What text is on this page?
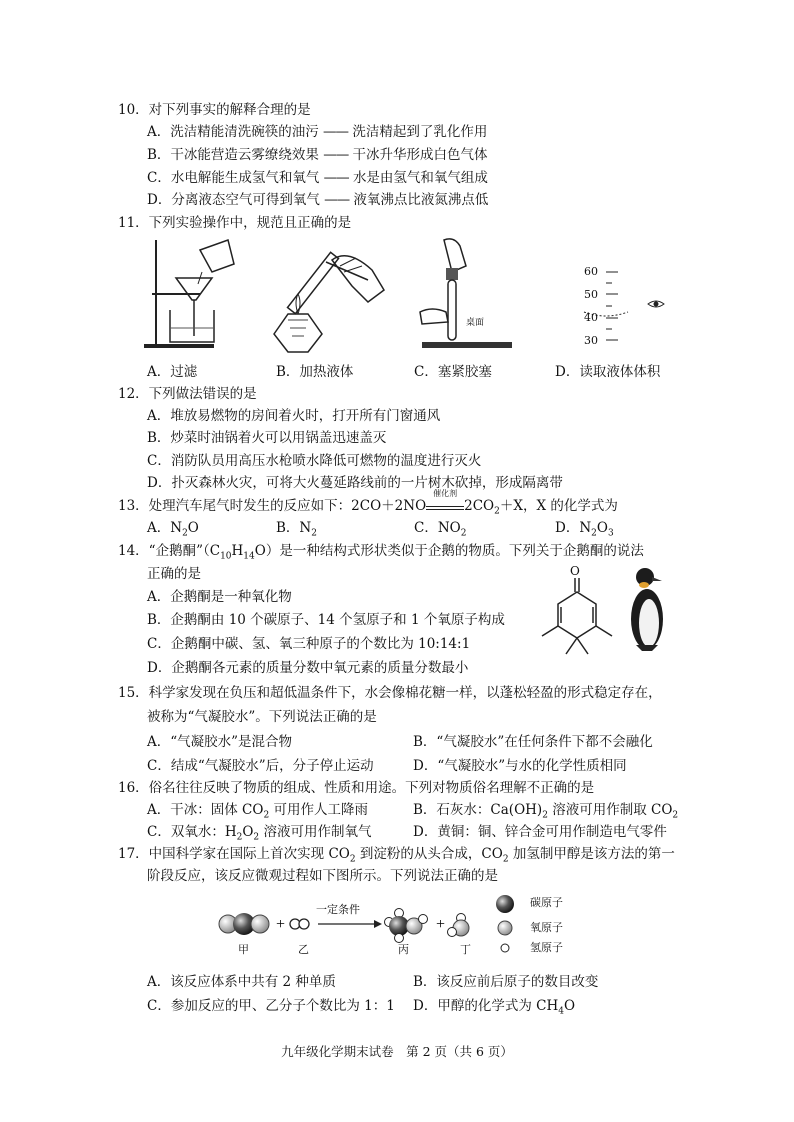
10．对下列事实的解释合理的是
A．洗洁精能清洗碗筷的油污 —— 洗洁精起到了乳化作用
B．干冰能营造云雾缭绕效果 —— 干冰升华形成白色气体
C．水电解能生成氢气和氧气 —— 水是由氢气和氧气组成
D．分离液态空气可得到氧气 —— 液氧沸点比液氮沸点低
11．下列实验操作中，规范且正确的是
桌面
60
50
40
30
A．过滤	B．加热液体	C．塞紧胶塞	D．读取液体体积
12．下列做法错误的是
A．堆放易燃物的房间着火时，打开所有门窗通风
B．炒菜时油锅着火可以用锅盖迅速盖灭
C．消防队员用高压水枪喷水降低可燃物的温度进行灭火
D．扑灭森林火灾，可将大火蔓延路线前的一片树木砍掉，形成隔离带
13．处理汽车尾气时发生的反应如下：2CO＋2NO
催化剂
$2CO_2+X$，X 的化学式为
A．$N_2O$	B．$N_2$	C．$NO_2$	D．$N_2O_3$
14．“企鹅酮$”(C_{10}H_{14}O)$是一种结构式形状类似于企鹅的物质。下列关于企鹅酮的说法
正确的是
A．企鹅酮是一种氧化物
B．企鹅酮由 10 个碳原子、14 个氢原子和 1 个氧原子构成
C．企鹅酮中碳、氢、氧三种原子的个数比为 10:14:1
D．企鹅酮各元素的质量分数中氧元素的质量分数最小
O
15．科学家发现在负压和超低温条件下，水会像棉花糖一样，以蓬松轻盈的形式稳定存在，
被称为“气凝胶水”。下列说法正确的是
A．“气凝胶水”是混合物	B．“气凝胶水”在任何条件下都不会融化
C．结成“气凝胶水”后，分子停止运动	D．“气凝胶水”与水的化学性质相同
16．俗名往往反映了物质的组成、性质和用途。下列对物质俗名理解不正确的是
A．干冰：固体 $CO_2$ 可用作人工降雨	B．石灰水：$Ca(OH)_2$ 溶液可用作制取 $CO_2$
C．双氧水：$H_2O_2$ 溶液可用作制氧气	D．黄铜：铜、锌合金可用作制造电气零件
17．中国科学家在国际上首次实现 $CO_2$ 到淀粉的从头合成，$CO_2$ 加氢制甲醇是该方法的第一
阶段反应，该反应微观过程如下图所示。下列说法正确的是
+	+
一定条件
甲	乙	丙	丁
碳原子
氧原子
氢原子
A．该反应体系中共有 2 种单质	B．该反应前后原子的数目改变
C．参加反应的甲、乙分子个数比为 1：1 D．甲醇的化学式为 $CH_4O$
九年级化学期末试卷　第 2 页（共 6 页）
